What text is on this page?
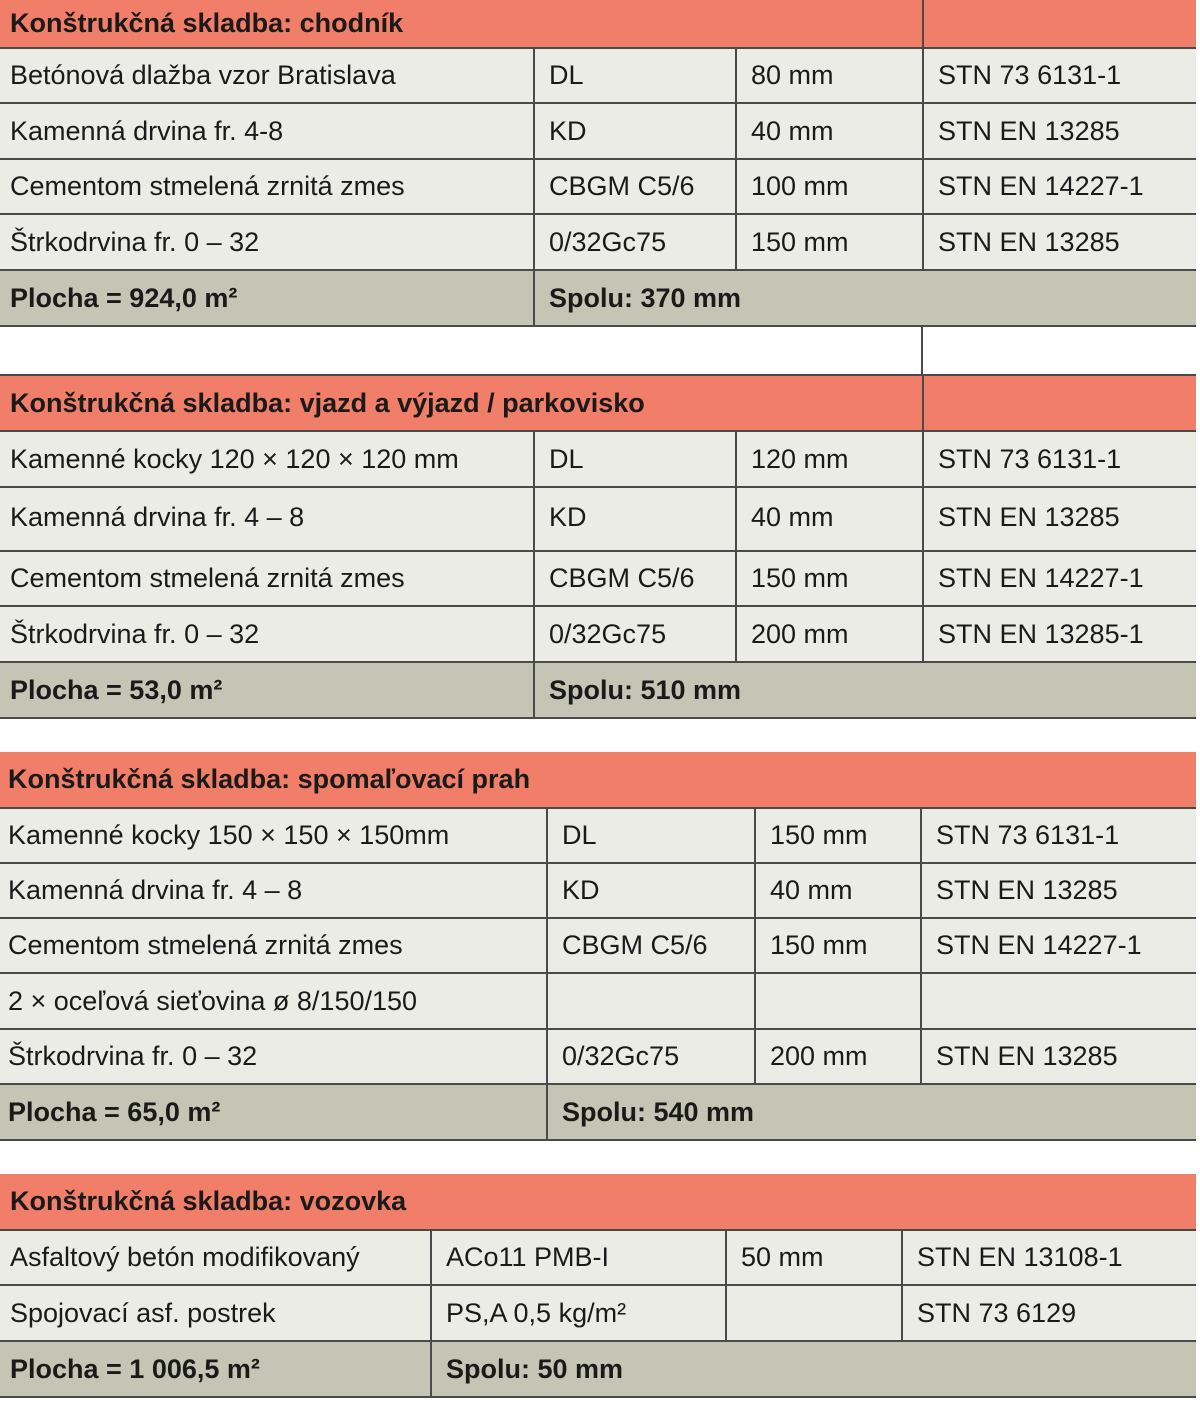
Konštrukčná skladba: chodník			
Betónová dlažba vzor Bratislava	DL	80 mm	STN 73 6131-1
Kamenná drvina fr. 4-8	KD	40 mm	STN EN 13285
Cementom stmelená zrnitá zmes	CBGM C5/6	100 mm	STN EN 14227-1
Štrkodrvina fr. 0 – 32	0/32Gc75	150 mm	STN EN 13285
Plocha = 924,0 m²	Spolu: 370 mm		
Konštrukčná skladba: vjazd a výjazd / parkovisko			
Kamenné kocky 120 × 120 × 120 mm	DL	120 mm	STN 73 6131-1
Kamenná drvina fr. 4 – 8	KD	40 mm	STN EN 13285
Cementom stmelená zrnitá zmes	CBGM C5/6	150 mm	STN EN 14227-1
Štrkodrvina fr. 0 – 32	0/32Gc75	200 mm	STN EN 13285-1
Plocha = 53,0 m²	Spolu: 510 mm		
Konštrukčná skladba: spomaľovací prah			
Kamenné kocky 150 × 150 × 150mm	DL	150 mm	STN 73 6131-1
Kamenná drvina fr. 4 – 8	KD	40 mm	STN EN 13285
Cementom stmelená zrnitá zmes	CBGM C5/6	150 mm	STN EN 14227-1
2 × oceľová sieťovina ø 8/150/150			
Štrkodrvina fr. 0 – 32	0/32Gc75	200 mm	STN EN 13285
Plocha = 65,0 m²	Spolu: 540 mm		
Konštrukčná skladba: vozovka			
Asfaltový betón modifikovaný	ACo11 PMB-I	50 mm	STN EN 13108-1
Spojovací asf. postrek	PS,A 0,5 kg/m²		STN 73 6129
Plocha = 1 006,5 m²	Spolu: 50 mm		
